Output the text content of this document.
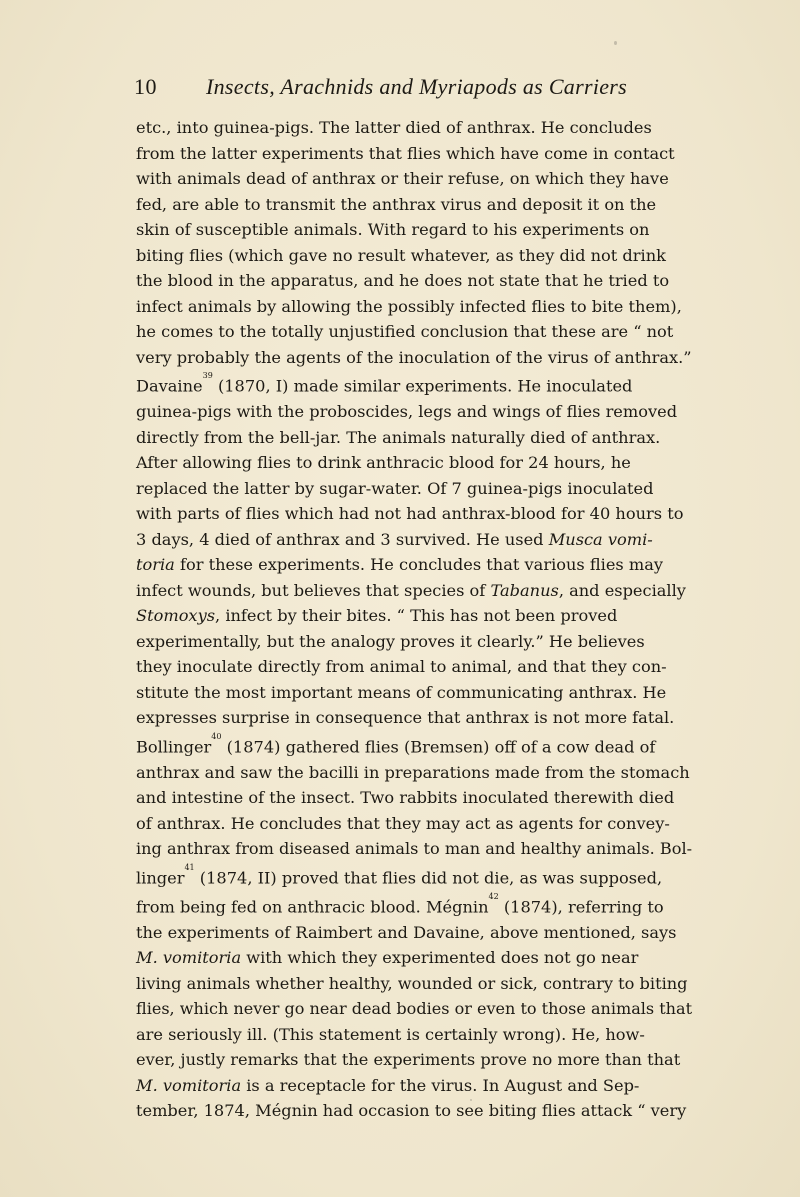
10 Insects, Arachnids and Myriapods as Carriers
etc., into guinea-pigs. The latter died of anthrax. He concludes
from the latter experiments that flies which have come in contact
with animals dead of anthrax or their refuse, on which they have
fed, are able to transmit the anthrax virus and deposit it on the
skin of susceptible animals. With regard to his experiments on
biting flies (which gave no result whatever, as they did not drink
the blood in the apparatus, and he does not state that he tried to
infect animals by allowing the possibly infected flies to bite them),
he comes to the totally unjustified conclusion that these are “ not
very probably the agents of the inoculation of the virus of anthrax.”
Davaine$^{39}$ (1870, I) made similar experiments. He inoculated
guinea-pigs with the proboscides, legs and wings of flies removed
directly from the bell-jar. The animals naturally died of anthrax.
After allowing flies to drink anthracic blood for 24 hours, he
replaced the latter by sugar-water. Of 7 guinea-pigs inoculated
with parts of flies which had not had anthrax-blood for 40 hours to
3 days, 4 died of anthrax and 3 survived. He used Musca vomi-
toria for these experiments. He concludes that various flies may
infect wounds, but believes that species of Tabanus, and especially
Stomoxys, infect by their bites. “ This has not been proved
experimentally, but the analogy proves it clearly.” He believes
they inoculate directly from animal to animal, and that they con-
stitute the most important means of communicating anthrax. He
expresses surprise in consequence that anthrax is not more fatal.
Bollinger$^{40}$ (1874) gathered flies (Bremsen) off of a cow dead of
anthrax and saw the bacilli in preparations made from the stomach
and intestine of the insect. Two rabbits inoculated therewith died
of anthrax. He concludes that they may act as agents for convey-
ing anthrax from diseased animals to man and healthy animals. Bol-
linger$^{41}$ (1874, II) proved that flies did not die, as was supposed,
from being fed on anthracic blood. Mégnin$^{42}$ (1874), referring to
the experiments of Raimbert and Davaine, above mentioned, says
M. vomitoria with which they experimented does not go near
living animals whether healthy, wounded or sick, contrary to biting
flies, which never go near dead bodies or even to those animals that
are seriously ill. (This statement is certainly wrong). He, how-
ever, justly remarks that the experiments prove no more than that
M. vomitoria is a receptacle for the virus. In August and Sep-
tember, 1874, Mégnin had occasion to see biting flies attack “ very
